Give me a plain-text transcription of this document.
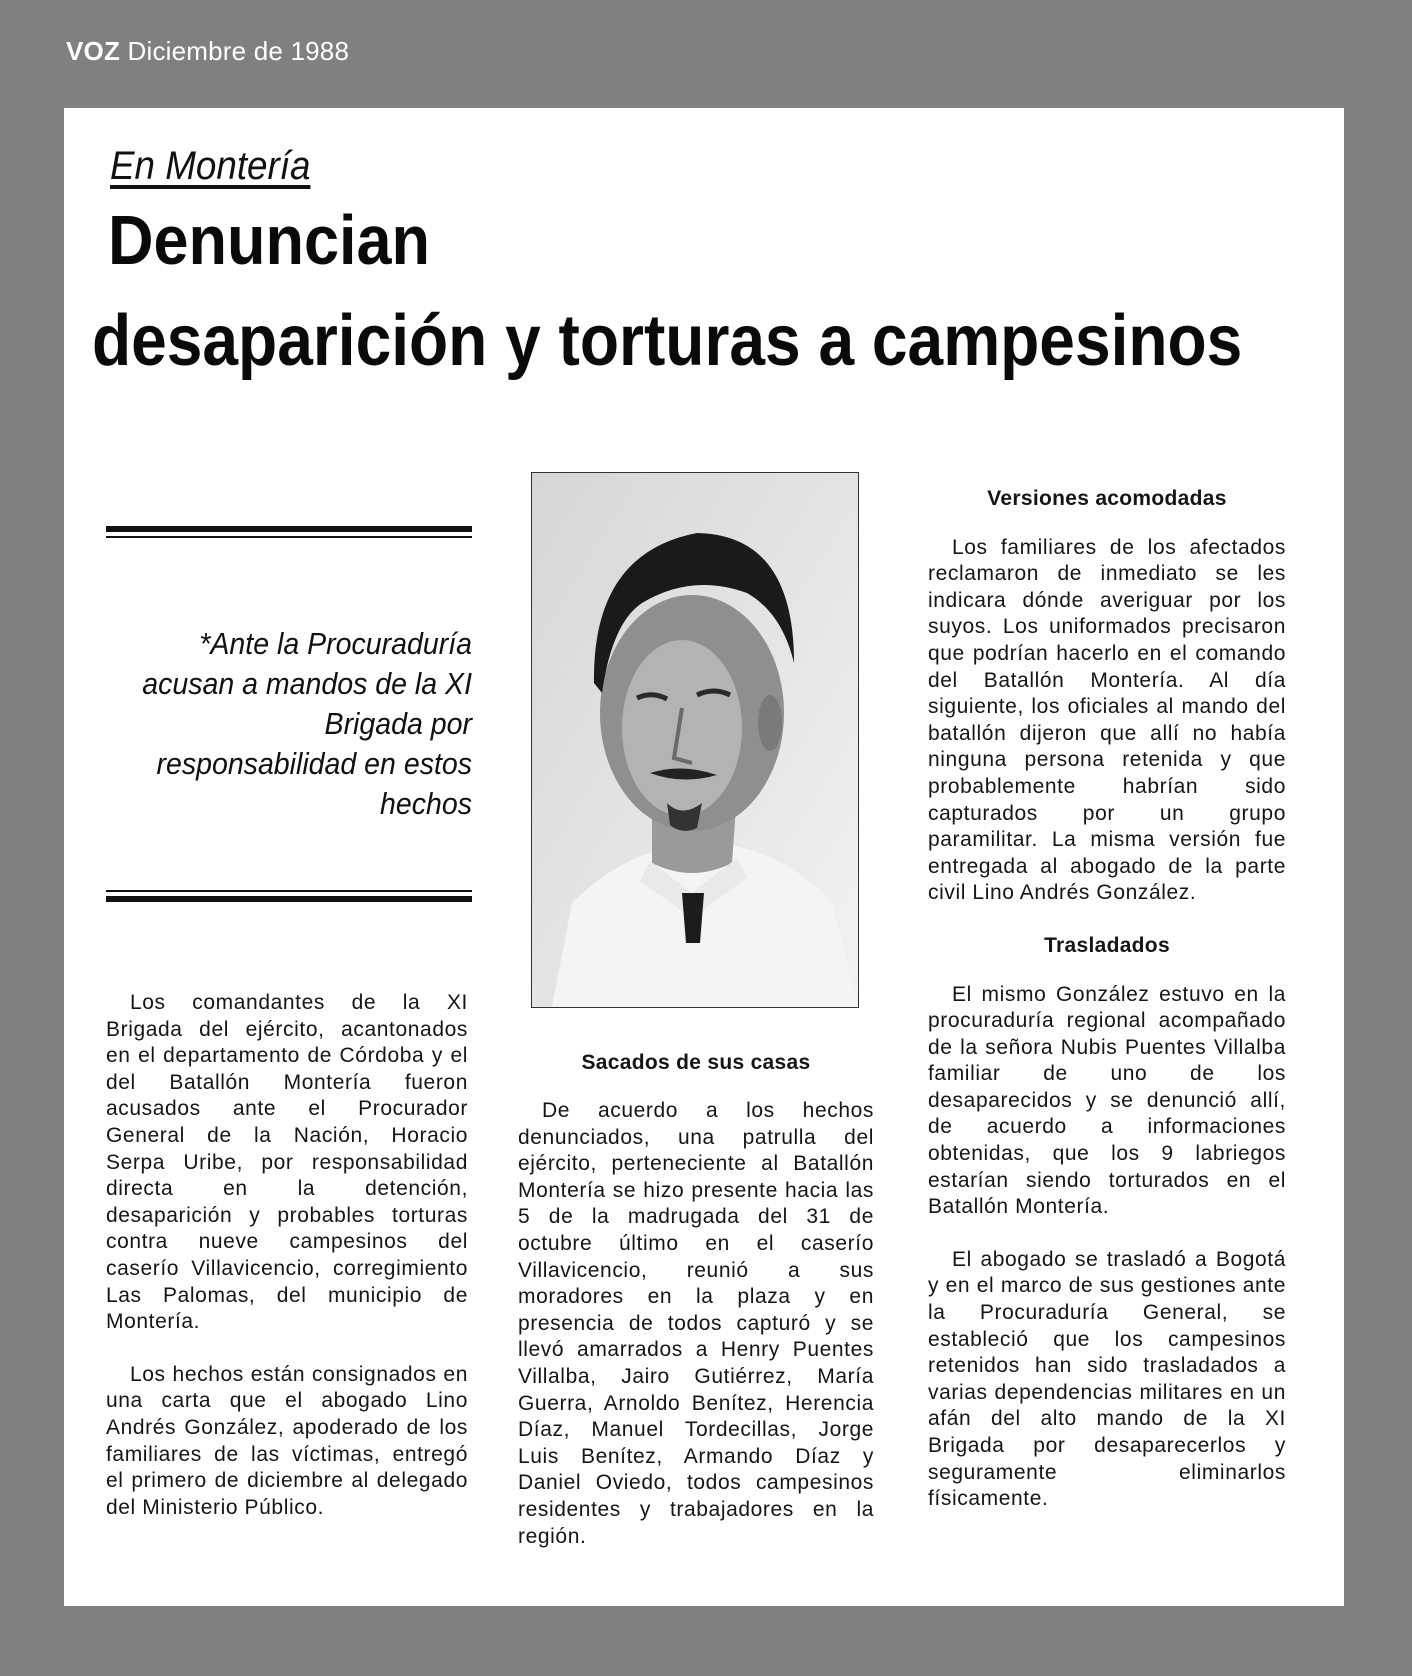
VOZ Diciembre de 1988
En Montería
Denuncian
desaparición y torturas a campesinos
*Ante la Procuraduría acusan a mandos de la XI Brigada por responsabilidad en estos hechos

Los comandantes de la XI Brigada del ejército, acantonados en el departamento de Córdoba y el del Batallón Montería fueron acusados ante el Procurador General de la Nación, Horacio Serpa Uribe, por responsabilidad directa en la detención, desaparición y probables torturas contra nueve campesinos del caserío Villavicencio, corregimiento Las Palomas, del municipio de Montería.

Los hechos están consignados en una carta que el abogado Lino Andrés González, apoderado de los familiares de las víctimas, entregó el primero de diciembre al delegado del Ministerio Público.

Sacados de sus casas

De acuerdo a los hechos denunciados, una patrulla del ejército, perteneciente al Batallón Montería se hizo presente hacia las 5 de la madrugada del 31 de octubre último en el caserío Villavicencio, reunió a sus moradores en la plaza y en presencia de todos capturó y se llevó amarrados a Henry Puentes Villalba, Jairo Gutiérrez, María Guerra, Arnoldo Benítez, Herencia Díaz, Manuel Tordecillas, Jorge Luis Benítez, Armando Díaz y Daniel Oviedo, todos campesinos residentes y trabajadores en la región.

Versiones acomodadas

Los familiares de los afectados reclamaron de inmediato se les indicara dónde averiguar por los suyos. Los uniformados precisaron que podrían hacerlo en el comando del Batallón Montería. Al día siguiente, los oficiales al mando del batallón dijeron que allí no había ninguna persona retenida y que probablemente habrían sido capturados por un grupo paramilitar. La misma versión fue entregada al abogado de la parte civil Lino Andrés González.

Trasladados

El mismo González estuvo en la procuraduría regional acompañado de la señora Nubis Puentes Villalba familiar de uno de los desaparecidos y se denunció allí, de acuerdo a informaciones obtenidas, que los 9 labriegos estarían siendo torturados en el Batallón Montería.

El abogado se trasladó a Bogotá y en el marco de sus gestiones ante la Procuraduría General, se estableció que los campesinos retenidos han sido trasladados a varias dependencias militares en un afán del alto mando de la XI Brigada por desaparecerlos y seguramente eliminarlos físicamente.
